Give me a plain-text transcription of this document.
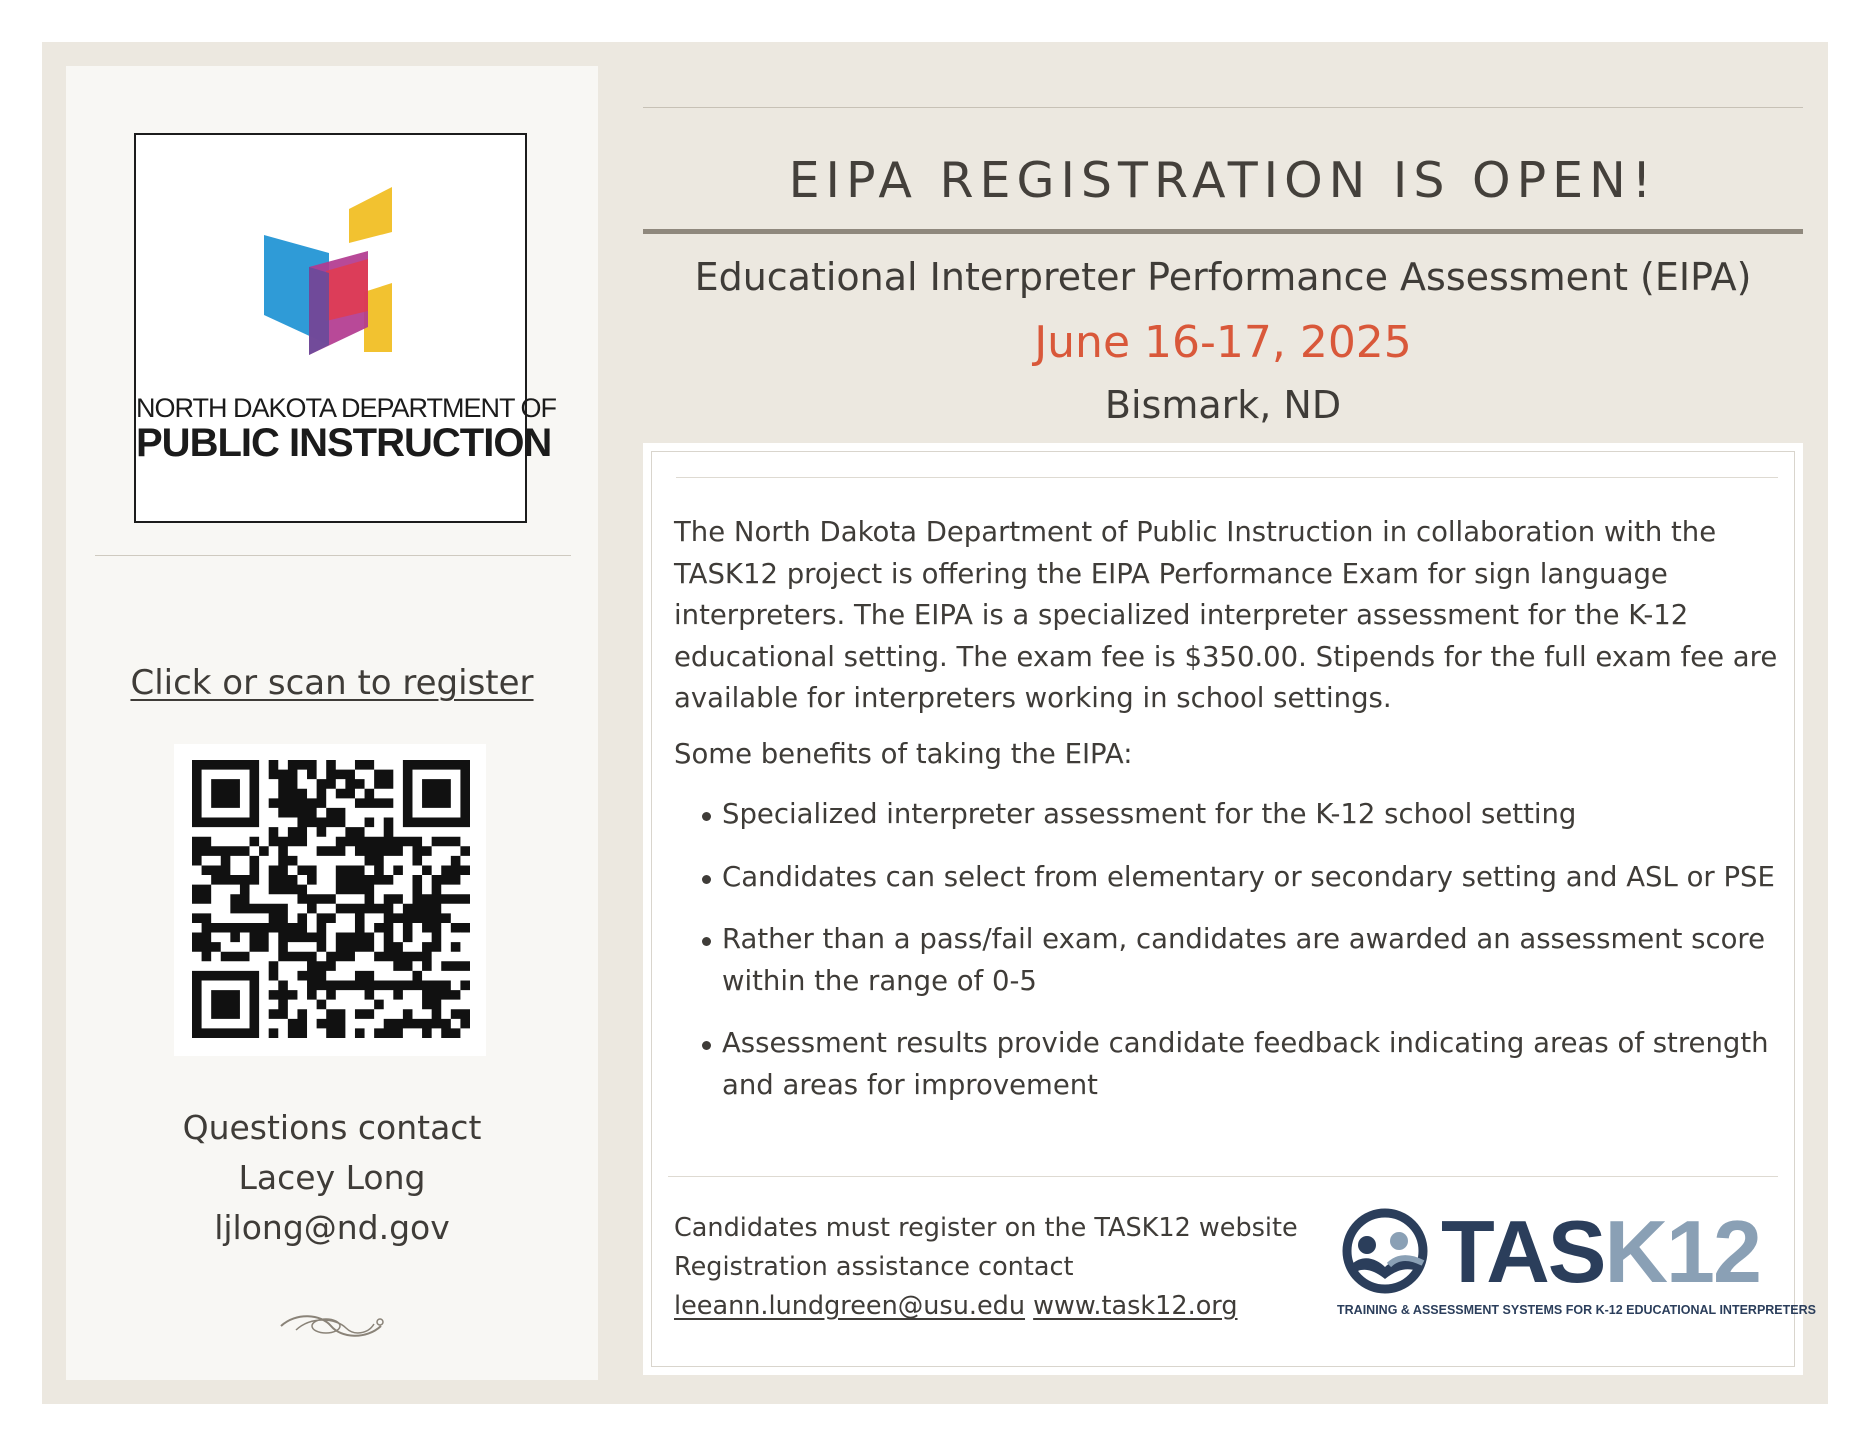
NORTH DAKOTA DEPARTMENT OF
PUBLIC INSTRUCTION
Click or scan to register
Questions contact
Lacey Long
ljlong@nd.gov
EIPA REGISTRATION IS OPEN!
Educational Interpreter Performance Assessment (EIPA)
June 16-17, 2025
Bismark, ND

The North Dakota Department of Public Instruction in collaboration with the TASK12 project is offering the EIPA Performance Exam for sign language interpreters. The EIPA is a specialized interpreter assessment for the K-12 educational setting. The exam fee is $350.00. Stipends for the full exam fee are available for interpreters working in school settings.

Some benefits of taking the EIPA:
Specialized interpreter assessment for the K-12 school setting
Candidates can select from elementary or secondary setting and ASL or PSE
Rather than a pass/fail exam, candidates are awarded an assessment score within the range of 0-5
Assessment results provide candidate feedback indicating areas of strength and areas for improvement
Candidates must register on the TASK12 website
Registration assistance contact
leeann.lundgreen@usu.edu www.task12.org
TASK12
TRAINING & ASSESSMENT SYSTEMS FOR K-12 EDUCATIONAL INTERPRETERS
